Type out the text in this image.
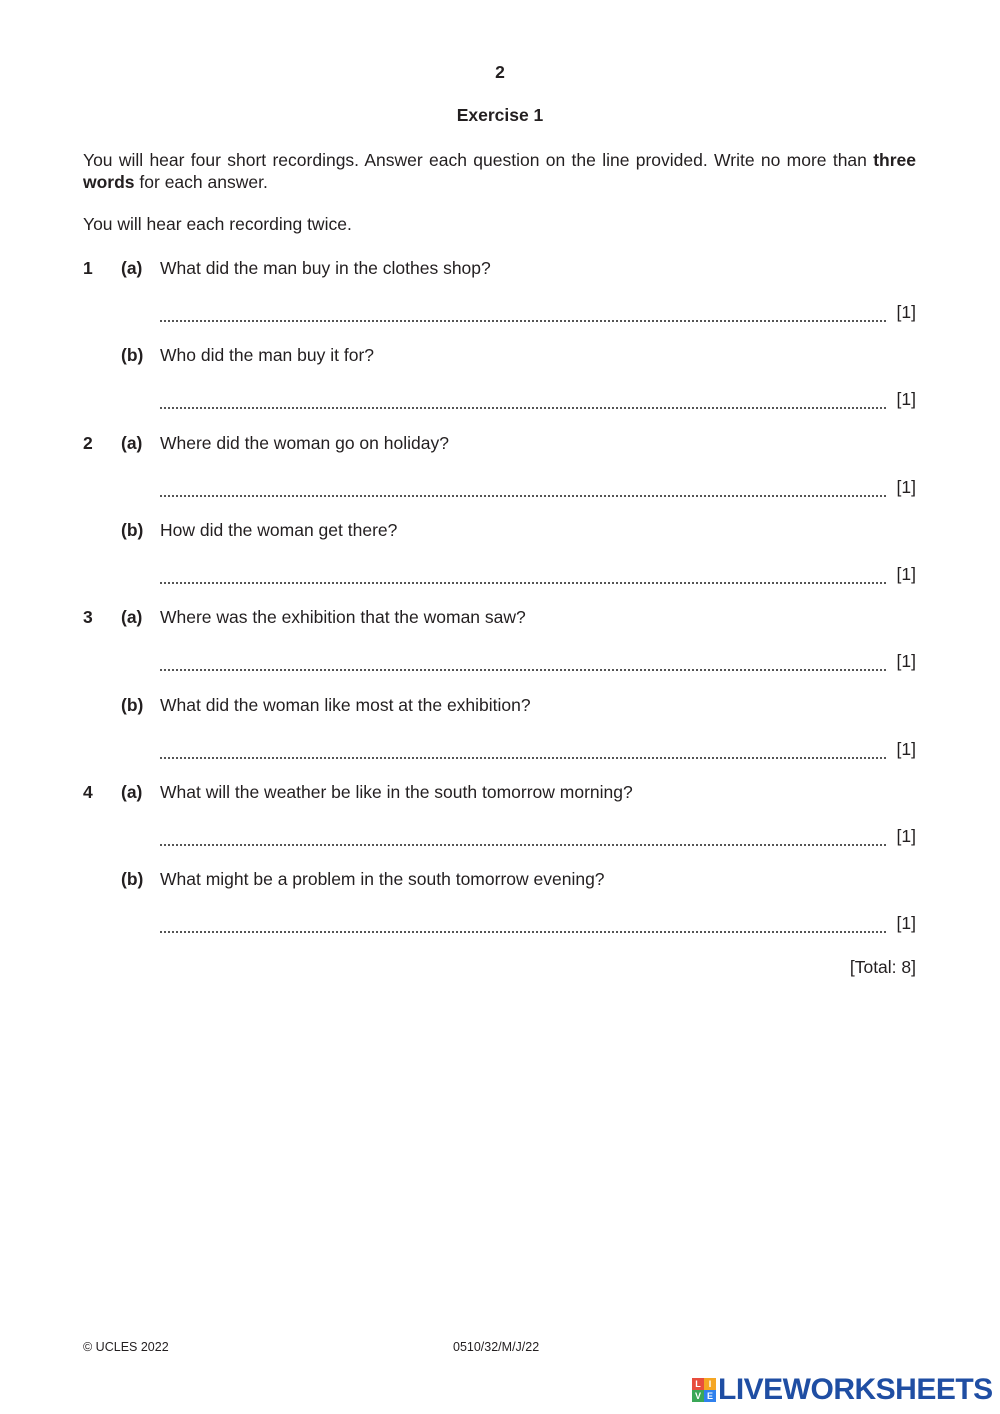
2
Exercise 1

You will hear four short recordings. Answer each question on the line provided. Write no more than three words for each answer.

You will hear each recording twice.

1 (a) What did the man buy in the clothes shop?
[1]
(b) Who did the man buy it for?
[1]
2 (a) Where did the woman go on holiday?
[1]
(b) How did the woman get there?
[1]
3 (a) Where was the exhibition that the woman saw?
[1]
(b) What did the woman like most at the exhibition?
[1]
4 (a) What will the weather be like in the south tomorrow morning?
[1]
(b) What might be a problem in the south tomorrow evening?
[1]
[Total: 8]
© UCLES 2022	0510/32/M/J/22
L I
V E LIVEWORKSHEETS
